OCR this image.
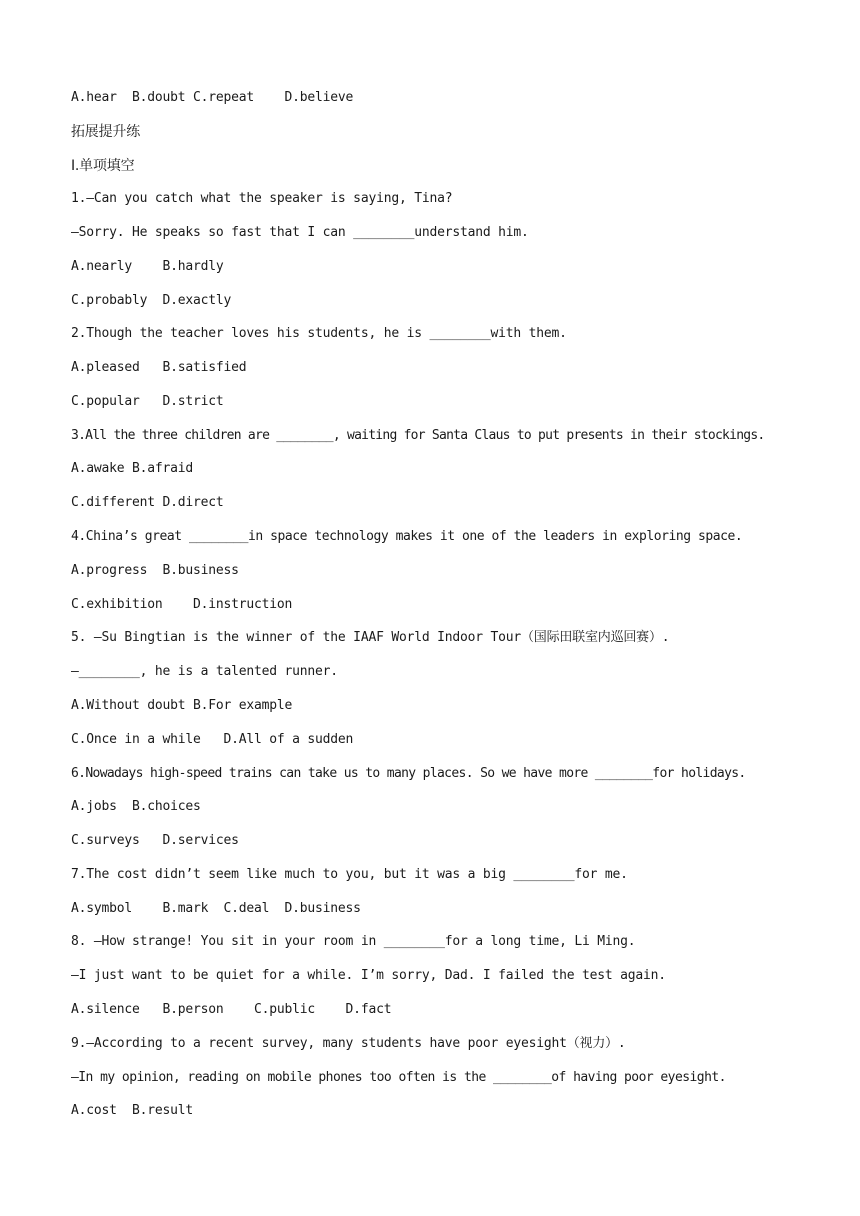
A.hear  B.doubt C.repeat    D.believe
拓展提升练
Ⅰ.单项填空
1.—Can you catch what the speaker is saying, Tina?
—Sorry. He speaks so fast that I can ________understand him.
A.nearly    B.hardly
C.probably  D.exactly
2.Though the teacher loves his students, he is ________with them.
A.pleased   B.satisfied
C.popular   D.strict
3.All the three children are ________, waiting for Santa Claus to put presents in their stockings.
A.awake B.afraid
C.different D.direct
4.China’s great ________in space technology makes it one of the leaders in exploring space.
A.progress  B.business
C.exhibition    D.instruction
5. —Su Bingtian is the winner of the IAAF World Indoor Tour（国际田联室内巡回赛）.
—________, he is a talented runner.
A.Without doubt B.For example
C.Once in a while   D.All of a sudden
6.Nowadays high-speed trains can take us to many places. So we have more ________for holidays.
A.jobs  B.choices
C.surveys   D.services
7.The cost didn’t seem like much to you, but it was a big ________for me.
A.symbol    B.mark  C.deal  D.business
8. —How strange! You sit in your room in ________for a long time, Li Ming.
—I just want to be quiet for a while. I’m sorry, Dad. I failed the test again.
A.silence   B.person    C.public    D.fact
9.—According to a recent survey, many students have poor eyesight（视力）.
—In my opinion, reading on mobile phones too often is the ________of having poor eyesight.
A.cost  B.result
